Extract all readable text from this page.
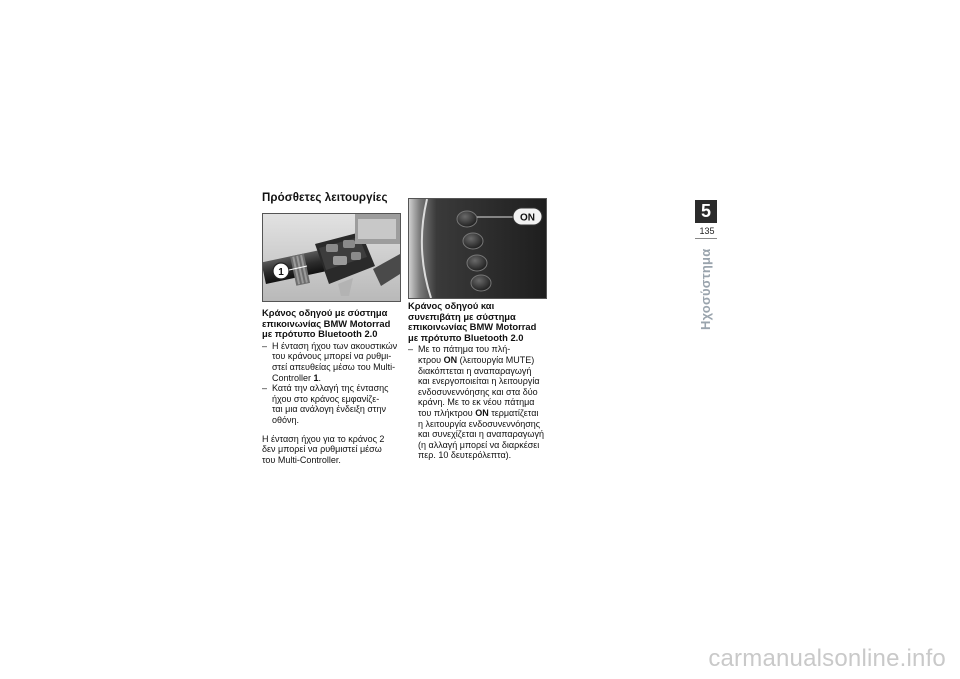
Πρόσθετες λειτουργίες
1
ON
Κράνος οδηγού με σύστημα
επικοινωνίας BMW Motorrad
με πρότυπο Bluetooth 2.0
– Η ένταση ήχου των ακουστικών
του κράνους μπορεί να ρυθμι-
στεί απευθείας μέσω του Multi-
Controller 1.
– Κατά την αλλαγή της έντασης
ήχου στο κράνος εμφανίζε-
ται μια ανάλογη ένδειξη στην
οθόνη.
Η ένταση ήχου για το κράνος 2
δεν μπορεί να ρυθμιστεί μέσω
του Multi-Controller.
Κράνος οδηγού και
συνεπιβάτη με σύστημα
επικοινωνίας BMW Motorrad
με πρότυπο Bluetooth 2.0
– Με το πάτημα του πλή-
κτρου ON (λειτουργία MUTE)
διακόπτεται η αναπαραγωγή
και ενεργοποιείται η λειτουργία
ενδοσυνεννόησης και στα δύο
κράνη. Με το εκ νέου πάτημα
του πλήκτρου ON τερματίζεται
η λειτουργία ενδοσυνεννόησης
και συνεχίζεται η αναπαραγωγή
(η αλλαγή μπορεί να διαρκέσει
περ. 10 δευτερόλεπτα).
5
135
Ηχοσύστημα
carmanualsonline.info
